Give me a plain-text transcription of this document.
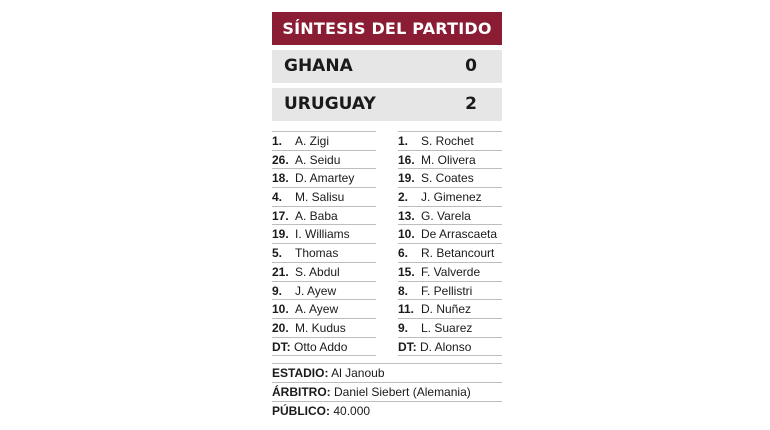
SÍNTESIS DEL PARTIDO
GHANA	0
URUGUAY	2
1. A. Zigi
26. A. Seidu
18. D. Amartey
4. M. Salisu
17. A. Baba
19. I. Williams
5. Thomas
21. S. Abdul
9. J. Ayew
10. A. Ayew
20. M. Kudus
DT: Otto Addo
1. S. Rochet
16. M. Olivera
19. S. Coates
2. J. Gimenez
13. G. Varela
10. De Arrascaeta
6. R. Betancourt
15. F. Valverde
8. F. Pellistri
11. D. Nuñez
9. L. Suarez
DT: D. Alonso
ESTADIO: Al Janoub
ÁRBITRO: Daniel Siebert (Alemania)
PÚBLICO: 40.000
